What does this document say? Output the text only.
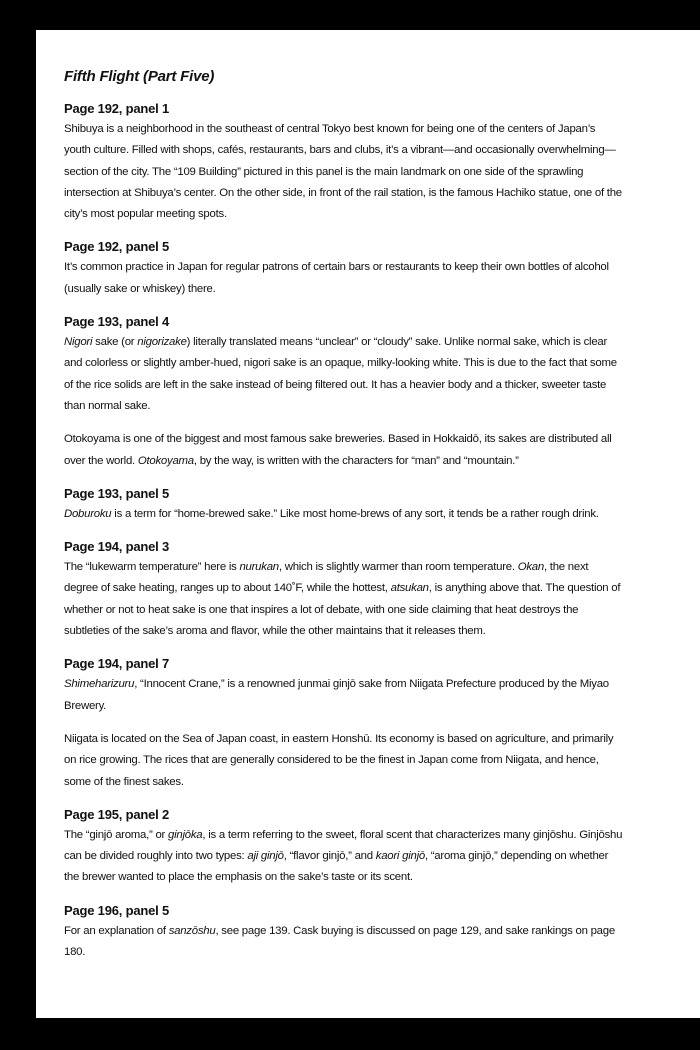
Fifth Flight (Part Five)
Page 192, panel 1

Shibuya is a neighborhood in the southeast of central Tokyo best known for being one of the centers of Japan’s youth culture. Filled with shops, cafés, restaurants, bars and clubs, it’s a vibrant—and occasionally overwhelming—section of the city. The “109 Building” pictured in this panel is the main landmark on one side of the sprawling intersection at Shibuya’s center. On the other side, in front of the rail station, is the famous Hachiko statue, one of the city’s most popular meeting spots.

Page 192, panel 5

It’s common practice in Japan for regular patrons of certain bars or restaurants to keep their own bottles of alcohol (usually sake or whiskey) there.

Page 193, panel 4

Nigori sake (or nigorizake) literally translated means “unclear” or “cloudy” sake. Unlike normal sake, which is clear and colorless or slightly amber-hued, nigori sake is an opaque, milky-looking white. This is due to the fact that some of the rice solids are left in the sake instead of being filtered out. It has a heavier body and a thicker, sweeter taste than normal sake.

Otokoyama is one of the biggest and most famous sake breweries. Based in Hokkaidō, its sakes are distributed all over the world. Otokoyama, by the way, is written with the characters for “man” and “mountain.”

Page 193, panel 5

Doburoku is a term for “home-brewed sake.” Like most home-brews of any sort, it tends be a rather rough drink.

Page 194, panel 3

The “lukewarm temperature” here is nurukan, which is slightly warmer than room temperature. Okan, the next degree of sake heating, ranges up to about 140˚F, while the hottest, atsukan, is anything above that. The question of whether or not to heat sake is one that inspires a lot of debate, with one side claiming that heat destroys the subtleties of the sake’s aroma and flavor, while the other maintains that it releases them.

Page 194, panel 7

Shimeharizuru, “Innocent Crane,” is a renowned junmai ginjō sake from Niigata Prefecture produced by the Miyao Brewery.

Niigata is located on the Sea of Japan coast, in eastern Honshū. Its economy is based on agriculture, and primarily on rice growing. The rices that are generally considered to be the finest in Japan come from Niigata, and hence, some of the finest sakes.

Page 195, panel 2

The “ginjō aroma,” or ginjōka, is a term referring to the sweet, floral scent that characterizes many ginjōshu. Ginjōshu can be divided roughly into two types: aji ginjō, “flavor ginjō,” and kaori ginjō, “aroma ginjō,” depending on whether the brewer wanted to place the emphasis on the sake’s taste or its scent.

Page 196, panel 5

For an explanation of sanzōshu, see page 139. Cask buying is discussed on page 129, and sake rankings on page 180.
